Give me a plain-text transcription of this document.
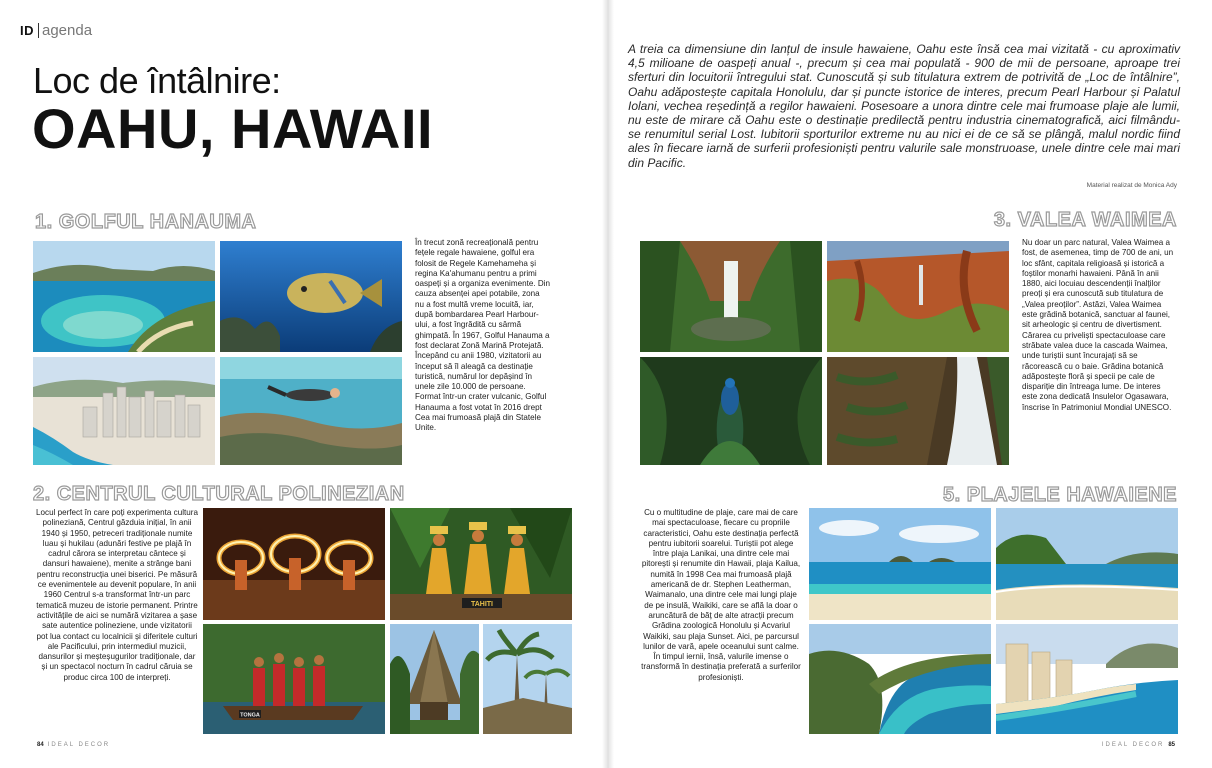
ID agenda
Loc de întâlnire:
OAHU, HAWAII
A treia ca dimensiune din lanțul de insule hawaiene, Oahu este însă cea mai vizitată - cu aproximativ 4,5 milioane de oaspeți anual -, precum și cea mai populată - 900 de mii de persoane, aproape trei sferturi din locuitorii întregului stat. Cunoscută și sub titulatura extrem de potrivită de „Loc de întâlnire”, Oahu adăpostește capitala Honolulu, dar și puncte istorice de interes, precum Pearl Harbour și Palatul Iolani, vechea reședință a regilor hawaieni. Posesoare a unora dintre cele mai frumoase plaje ale lumii, nu este de mirare că Oahu este o destinație predilectă pentru industria cinematografică, aici filmându-se renumitul serial Lost. Iubitorii sporturilor extreme nu au nici ei de ce să se plângă, malul nordic fiind ales în fiecare iarnă de surferii profesioniști pentru valurile sale monstruoase, unele dintre cele mai mari din Pacific.
Material realizat de Monica Ady
1. GOLFUL HANAUMA
2. CENTRUL CULTURAL POLINEZIAN
3. VALEA WAIMEA
5. PLAJELE HAWAIENE
În trecut zonă recreațională pentru fețele regale hawaiene, golful era folosit de Regele Kamehameha și regina Ka'ahumanu pentru a primi oaspeți și a organiza evenimente. Din cauza absenței apei potabile, zona nu a fost multă vreme locuită, iar, după bombardarea Pearl Harbour-ului, a fost îngrădită cu sârmă ghimpată. În 1967, Golful Hanauma a fost declarat Zonă Marină Protejată. Începând cu anii 1980, vizitatorii au început să îl aleagă ca destinație turistică, numărul lor depășind în unele zile 10.000 de persoane. Format într-un crater vulcanic, Golful Hanauma a fost votat în 2016 drept Cea mai frumoasă plajă din Statele Unite.
Locul perfect în care poți experimenta cultura polineziană, Centrul găzduia inițial, în anii 1940 și 1950, petreceri tradiționale numite luau și hukilau (adunări festive pe plajă în cadrul cărora se interpretau cântece și dansuri hawaiene), menite a strânge bani pentru reconstrucția unei biserici. Pe măsură ce evenimentele au devenit populare, în anii 1960 Centrul s-a transformat într-un parc tematică muzeu de istorie permanent. Printre activitățile de aici se numără vizitarea a șase sate autentice polineziene, unde vizitatorii pot lua contact cu localnicii și diferitele culturi ale Pacificului, prin intermediul muzicii, dansurilor și meșteșugurilor tradiționale, dar și un spectacol nocturn în cadrul căruia se produc circa 100 de interpreți.
Nu doar un parc natural, Valea Waimea a fost, de asemenea, timp de 700 de ani, un loc sfânt, capitala religioasă și istorică a foștilor monarhi hawaieni. Până în anii 1880, aici locuiau descendenții înalților preoți și era cunoscută sub titulatura de „Valea preoților”. Astăzi, Valea Waimea este grădină botanică, sanctuar al faunei, sit arheologic și centru de divertisment. Cărarea cu priveliști spectaculoase care străbate valea duce la cascada Waimea, unde turiștii sunt încurajați să se răcorească cu o baie. Grădina botanică adăpostește floră și specii pe cale de dispariție din întreaga lume. De interes este zona dedicată Insulelor Ogasawara, înscrise în Patrimoniul Mondial UNESCO.
Cu o multitudine de plaje, care mai de care mai spectaculoase, fiecare cu propriile caracteristici, Oahu este destinația perfectă pentru iubitorii soarelui. Turiștii pot alege între plaja Lanikai, una dintre cele mai pitorești și renumite din Hawaii, plaja Kailua, numită în 1998 Cea mai frumoasă plajă americană de dr. Stephen Leatherman, Waimanalo, una dintre cele mai lungi plaje de pe insulă, Waikiki, care se află la doar o aruncătură de băț de alte atracții precum Grădina zoologică Honolulu și Acvariul Waikiki, sau plaja Sunset. Aici, pe parcursul lunilor de vară, apele oceanului sunt calme. În timpul iernii, însă, valurile imense o transformă în destinația preferată a surferilor profesioniști.
TAHITI
TONGA
84 IDEAL DECOR	IDEAL DECOR 85
